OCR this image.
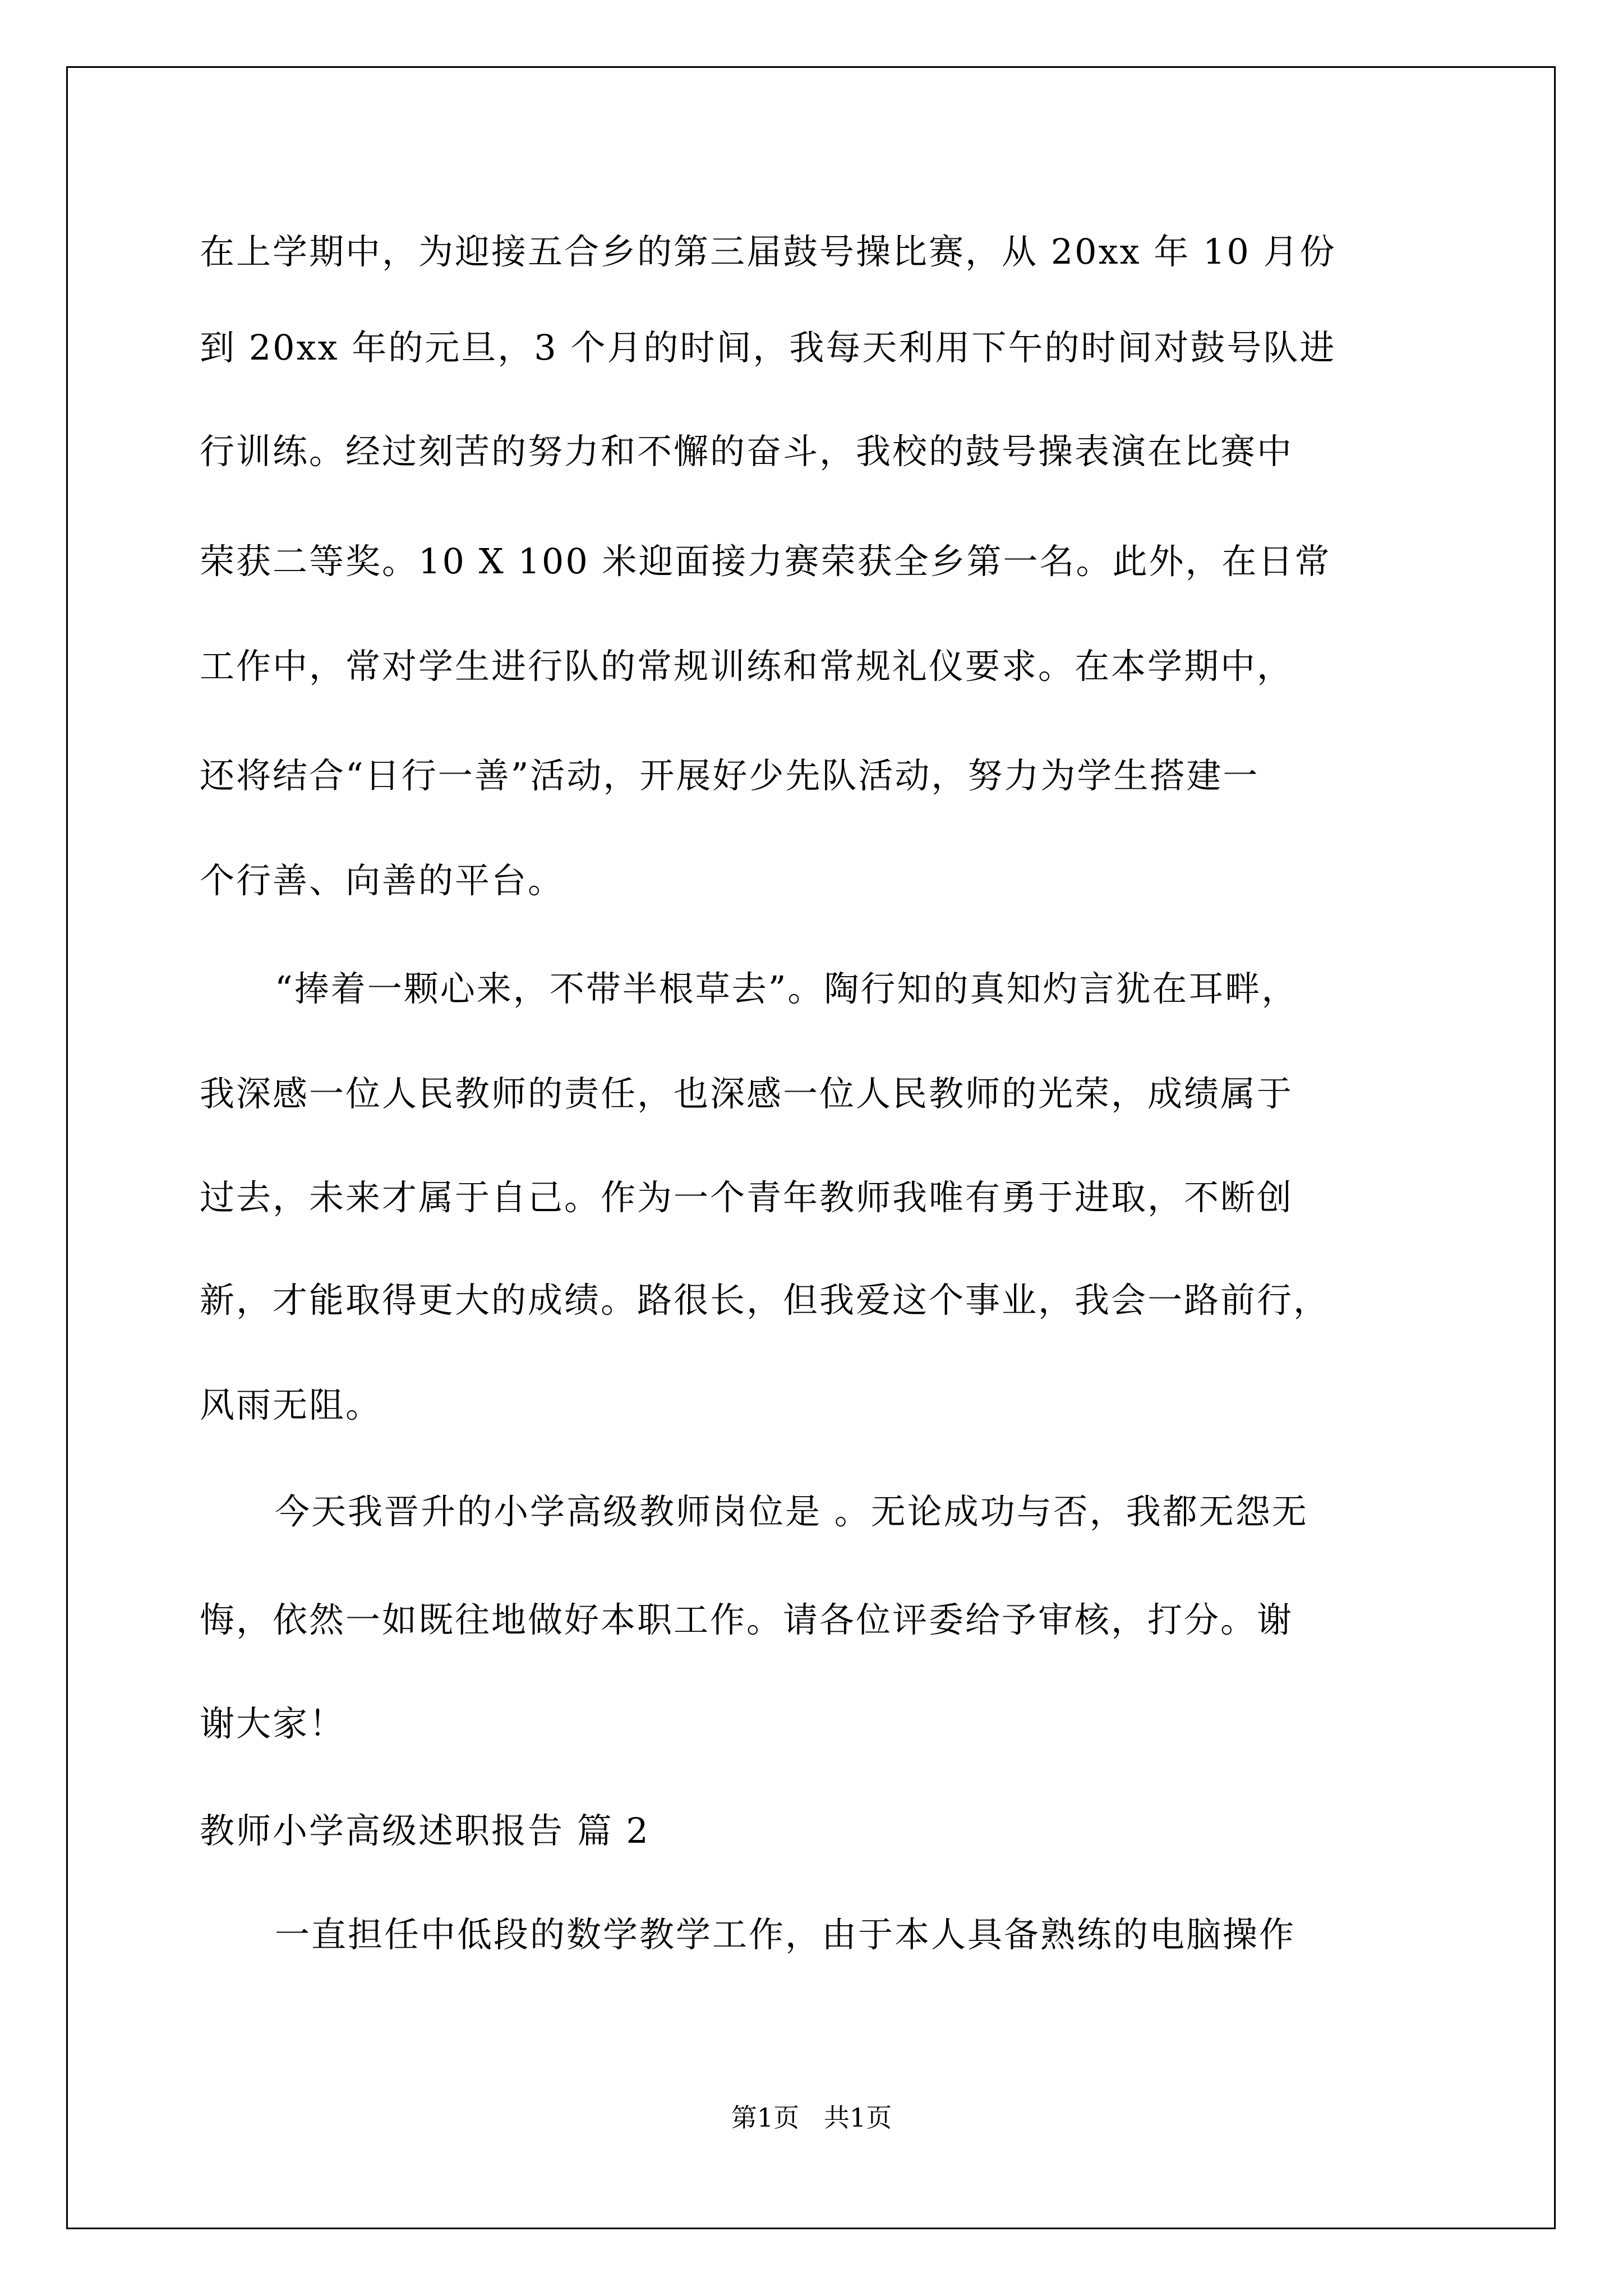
在上学期中，为迎接五合乡的第三届鼓号操比赛，从 20xx 年 10 月份
到 20xx 年的元旦，3 个月的时间，我每天利用下午的时间对鼓号队进
行训练。经过刻苦的努力和不懈的奋斗，我校的鼓号操表演在比赛中
荣获二等奖。10 X 100 米迎面接力赛荣获全乡第一名。此外，在日常
工作中，常对学生进行队的常规训练和常规礼仪要求。在本学期中，
还将结合“日行一善”活动，开展好少先队活动，努力为学生搭建一
个行善、向善的平台。
“捧着一颗心来，不带半根草去”。陶行知的真知灼言犹在耳畔，
我深感一位人民教师的责任，也深感一位人民教师的光荣，成绩属于
过去，未来才属于自己。作为一个青年教师我唯有勇于进取，不断创
新，才能取得更大的成绩。路很长，但我爱这个事业，我会一路前行，
风雨无阻。
今天我晋升的小学高级教师岗位是 。无论成功与否，我都无怨无
悔，依然一如既往地做好本职工作。请各位评委给予审核，打分。谢
谢大家！
教师小学高级述职报告 篇 2
一直担任中低段的数学教学工作，由于本人具备熟练的电脑操作
第1页   共1页
